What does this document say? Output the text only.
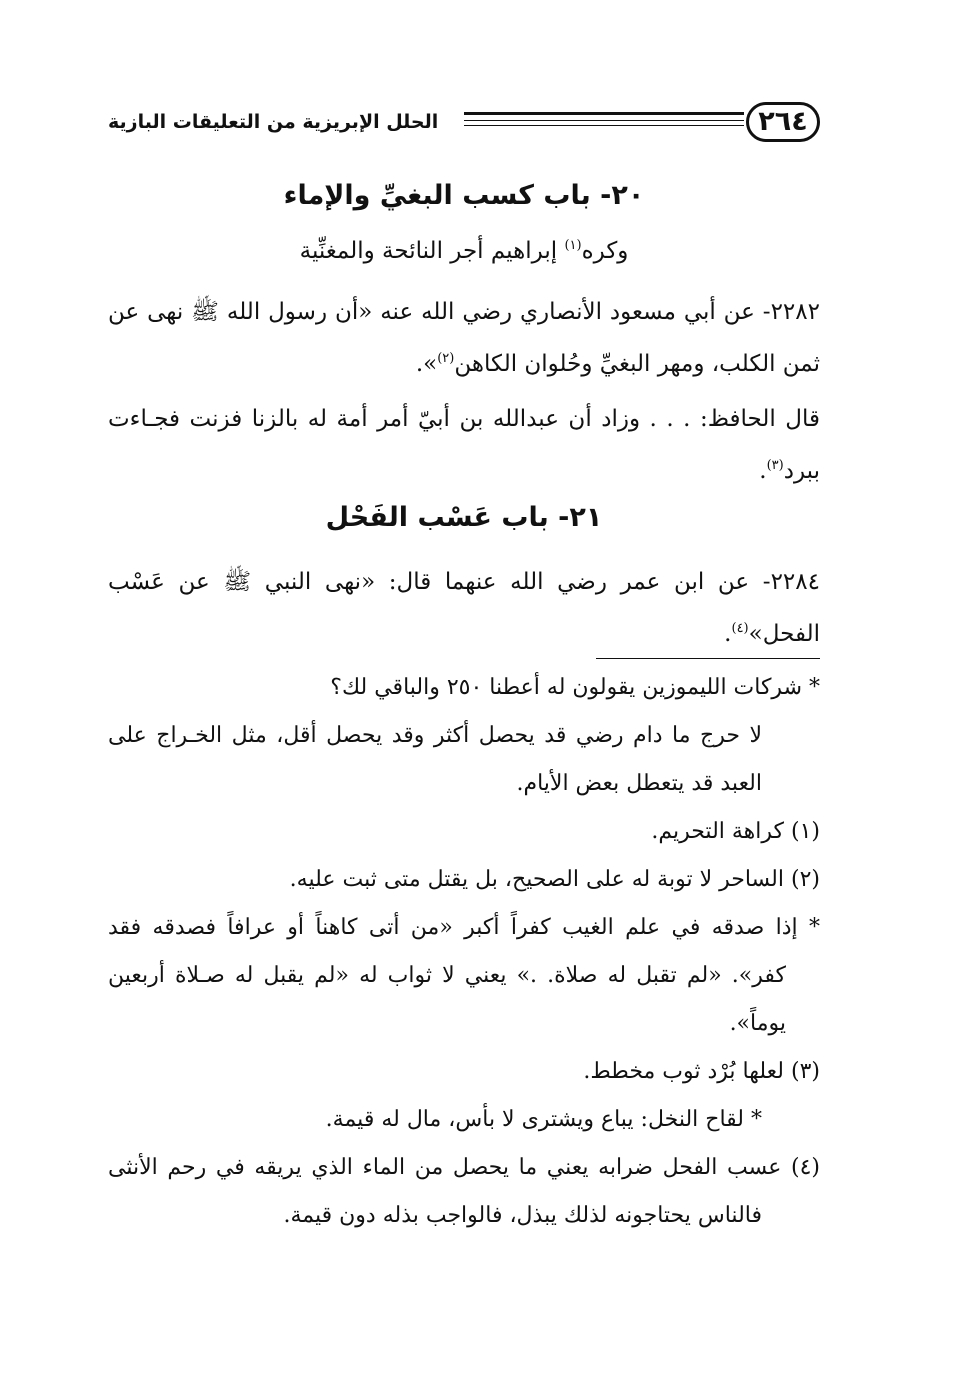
٢٦٤
الحلل الإبريزية من التعليقات البازية
٢٠- باب كسب البغيِّ والإماء
وكره$^{(١)}$ إبراهيم أجر النائحة والمغنِّية
٢٢٨٢- عن أبي مسعود الأنصاري رضي الله عنه «أن رسول الله ﷺ نهى عن ثمن الكلب، ومهر البغيِّ وحُلوان الكاهن$^{(٢)}$».
قال الحافظ: . . . وزاد أن عبدالله بن أبيّ أمر أمة له بالزنا فزنت فجـاءت ببرد$^{(٣)}$.
٢١- باب عَسْب الفَحْل
٢٢٨٤- عن ابن عمر رضي الله عنهما قال: «نهى النبي ﷺ عن عَسْب الفحل»$^{(٤)}$.
* شركات الليموزين يقولون له أعطنا ٢٥٠ والباقي لك؟
لا حرج ما دام رضي قد يحصل أكثر وقد يحصل أقل، مثل الخـراج على العبد قد يتعطل بعض الأيام.
(١) كراهة التحريم.
(٢) الساحر لا توبة له على الصحيح، بل يقتل متى ثبت عليه.
* إذا صدقه في علم الغيب كفراً أكبر «من أتى كاهناً أو عرافاً فصدقه فقد كفر». «لم تقبل له صلاة. .» يعني لا ثواب له «لم يقبل له صـلاة أربعين يوماً».
(٣) لعلها بُرْد ثوب مخطط.
* لقاح النخل: يباع ويشترى لا بأس، مال له قيمة.
(٤) عسب الفحل ضرابه يعني ما يحصل من الماء الذي يريقه في رحم الأنثى فالناس يحتاجونه لذلك يبذل، فالواجب بذله دون قيمة.
